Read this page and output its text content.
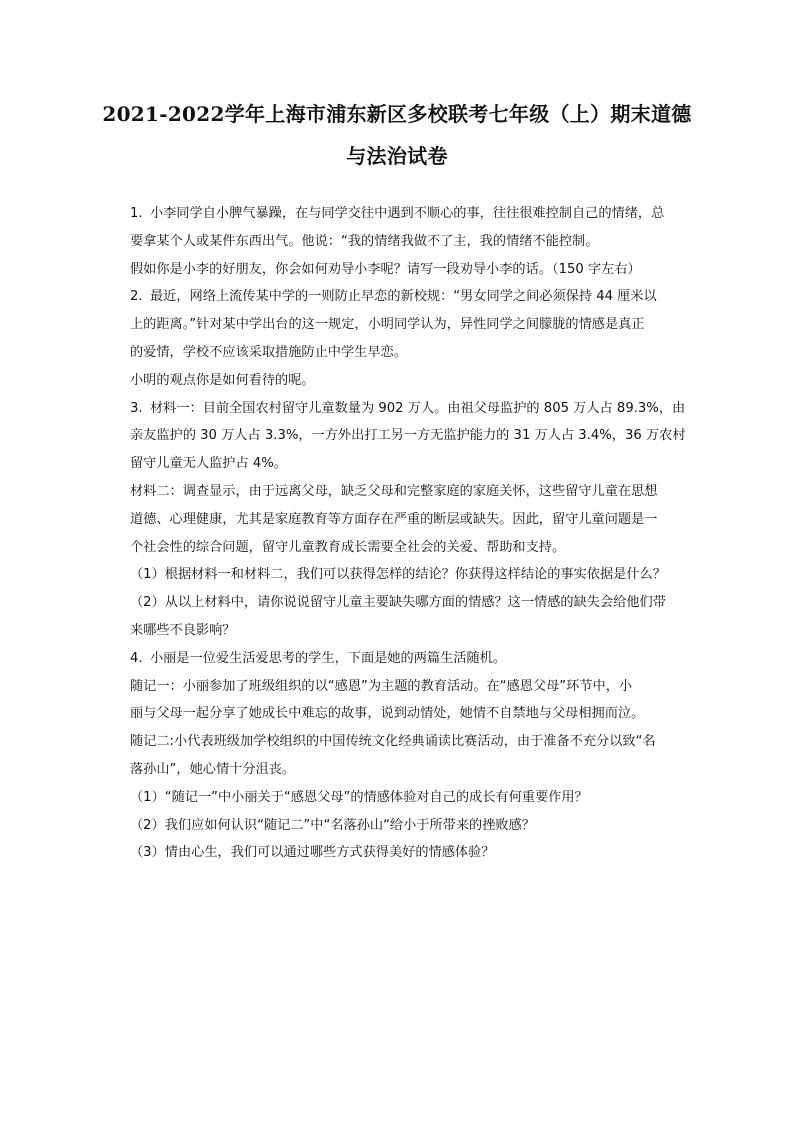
2021-2022学年上海市浦东新区多校联考七年级（上）期末道德
与法治试卷

1. 小李同学自小脾气暴躁，在与同学交往中遇到不顺心的事，往往很难控制自己的情绪，总

要拿某个人或某件东西出气。他说：“我的情绪我做不了主，我的情绪不能控制。

假如你是小李的好朋友，你会如何劝导小李呢？请写一段劝导小李的话。（150 字左右）

2. 最近，网络上流传某中学的一则防止早恋的新校规：“男女同学之间必须保持 44 厘米以

上的距离。”针对某中学出台的这一规定，小明同学认为，异性同学之间朦胧的情感是真正

的爱情，学校不应该采取措施防止中学生早恋。

小明的观点你是如何看待的呢。

3. 材料一：目前全国农村留守儿童数量为 902 万人。由祖父母监护的 805 万人占 89.3%，由

亲友监护的 30 万人占 3.3%，一方外出打工另一方无监护能力的 31 万人占 3.4%，36 万农村

留守儿童无人监护占 4%。

材料二：调查显示，由于远离父母，缺乏父母和完整家庭的家庭关怀，这些留守儿童在思想

道德、心理健康，尤其是家庭教育等方面存在严重的断层或缺失。因此，留守儿童问题是一

个社会性的综合问题，留守儿童教育成长需要全社会的关爱、帮助和支持。

（1）根据材料一和材料二，我们可以获得怎样的结论？你获得这样结论的事实依据是什么？

（2）从以上材料中，请你说说留守儿童主要缺失哪方面的情感？这一情感的缺失会给他们带

来哪些不良影响？

4. 小丽是一位爱生活爱思考的学生，下面是她的两篇生活随机。

随记一：小丽参加了班级组织的以“感恩”为主题的教育活动。在“感恩父母”环节中，小

丽与父母一起分享了她成长中难忘的故事，说到动情处，她情不自禁地与父母相拥而泣。

随记二:小代表班级加学校组织的中国传统文化经典诵读比赛活动，由于准备不充分以致“名

落孙山”，她心情十分沮丧。

（1）“随记一”中小丽关于“感恩父母”的情感体验对自己的成长有何重要作用？

（2）我们应如何认识“随记二”中“名落孙山“给小于所带来的挫败感？

（3）情由心生，我们可以通过哪些方式获得美好的情感体验？
